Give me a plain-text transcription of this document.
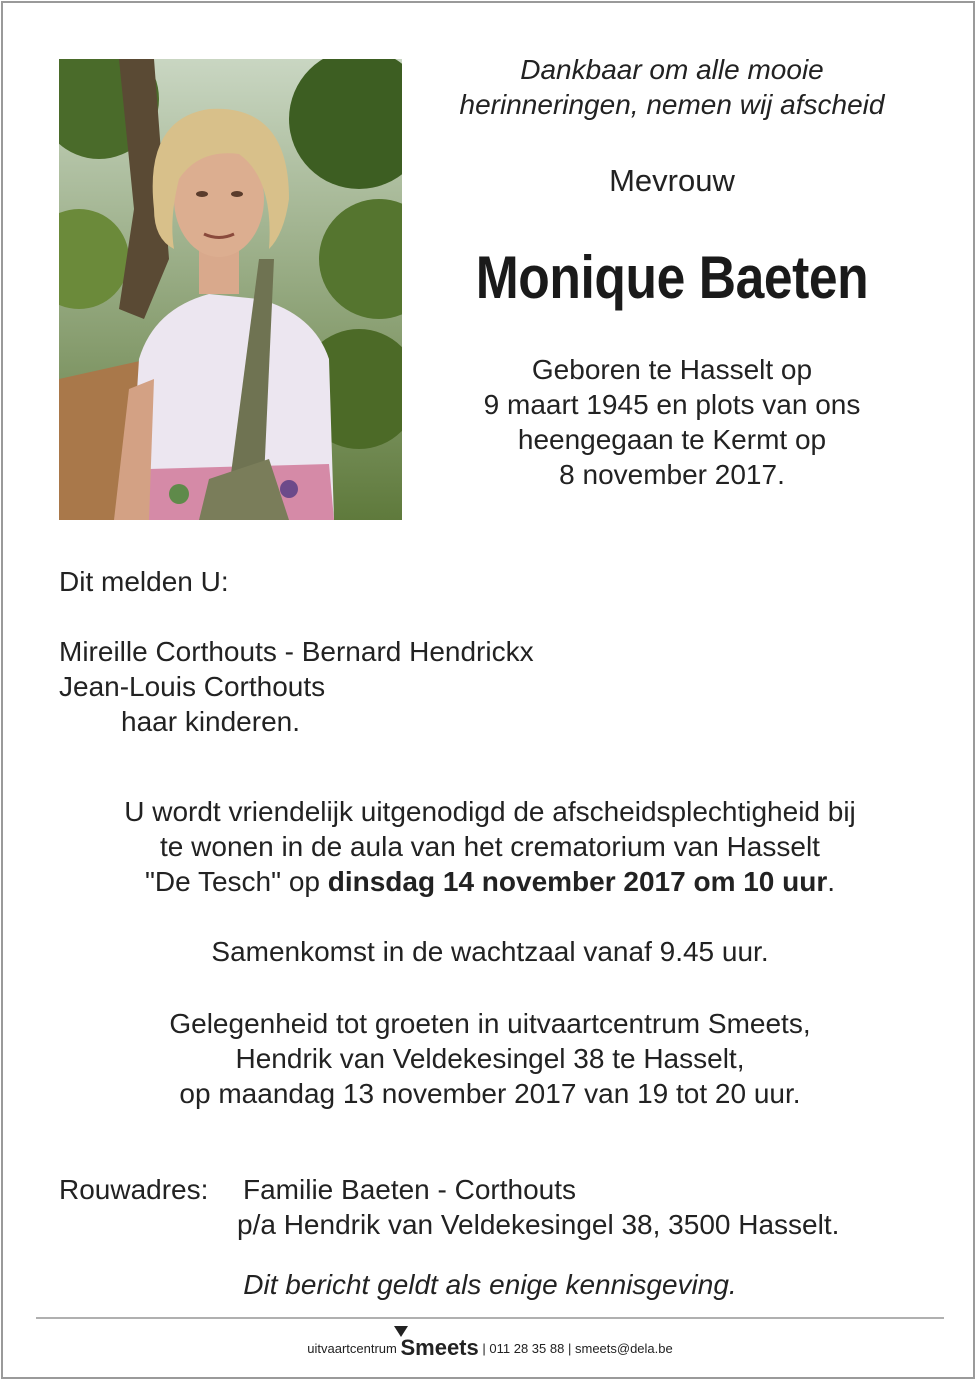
Dankbaar om alle mooie
herinneringen, nemen wij afscheid
Mevrouw
Monique Baeten
Geboren te Hasselt op
9 maart 1945 en plots van ons
heengegaan te Kermt op
8 november 2017.
Dit melden U:
Mireille Corthouts - Bernard Hendrickx
Jean-Louis Corthouts
haar kinderen.
U wordt vriendelijk uitgenodigd de afscheidsplechtigheid bij
te wonen in de aula van het crematorium van Hasselt
"De Tesch" op dinsdag 14 november 2017 om 10 uur.
Samenkomst in de wachtzaal vanaf 9.45 uur.
Gelegenheid tot groeten in uitvaartcentrum Smeets,
Hendrik van Veldekesingel 38 te Hasselt,
op maandag 13 november 2017 van 19 tot 20 uur.
Rouwadres: Familie Baeten - Corthouts
p/a Hendrik van Veldekesingel 38, 3500 Hasselt.
Dit bericht geldt als enige kennisgeving.
uitvaartcentrum Smeets | 011 28 35 88 | smeets@dela.be
